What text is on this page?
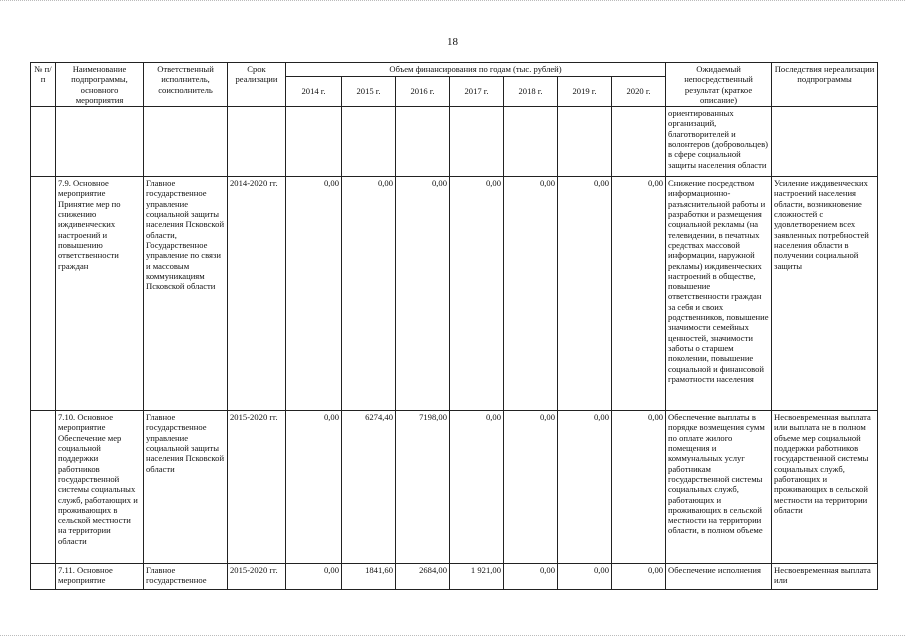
18
№ п/п	Наименование подпрограммы, основного мероприятия	Ответственный исполнитель, соисполнитель	Срок реализации	Объем финансирования по годам (тыс. рублей)							Ожидаемый непосредственный результат (краткое описание)	Последствия нереализации подпрограммы
				2014 г.	2015 г.	2016 г.	2017 г.	2018 г.	2019 г.	2020 г.		
											ориентированных организаций, благотворителей и волонтеров (добровольцев) в сфере социальной защиты населения области	
	7.9. Основное мероприятие Принятие мер по снижению иждивенческих настроений и повышению ответственности граждан	Главное государственное управление социальной защиты населения Псковской области, Государственное управление по связи и массовым коммуникациям Псковской области	2014-2020 гг.	0,00	0,00	0,00	0,00	0,00	0,00	0,00	Снижение посредством информационно-разъяснительной работы и разработки и размещения социальной рекламы (на телевидении, в печатных средствах массовой информации, наружной рекламы) иждивенческих настроений в обществе, повышение ответственности граждан за себя и своих родственников, повышение значимости семейных ценностей, значимости заботы о старшем поколении, повышение социальной и финансовой грамотности населения	Усиление иждивенческих настроений населения области, возникновение сложностей с удовлетворением всех заявленных потребностей населения области в получении социальной защиты
	7.10. Основное мероприятие Обеспечение мер социальной поддержки работников государственной системы социальных служб, работающих и проживающих в сельской местности на территории области	Главное государственное управление социальной защиты населения Псковской области	2015-2020 гг.	0,00	6274,40	7198,00	0,00	0,00	0,00	0,00	Обеспечение выплаты в порядке возмещения сумм по оплате жилого помещения и коммунальных услуг работникам государственной системы социальных служб, работающих и проживающих в сельской местности на территории области, в полном объеме	Несвоевременная выплата или выплата не в полном объеме мер социальной поддержки работников государственной системы социальных служб, работающих и проживающих в сельской местности на территории области
	7.11. Основное мероприятие	Главное государственное	2015-2020 гг.	0,00	1841,60	2684,00	1 921,00	0,00	0,00	0,00	Обеспечение исполнения	Несвоевременная выплата или
